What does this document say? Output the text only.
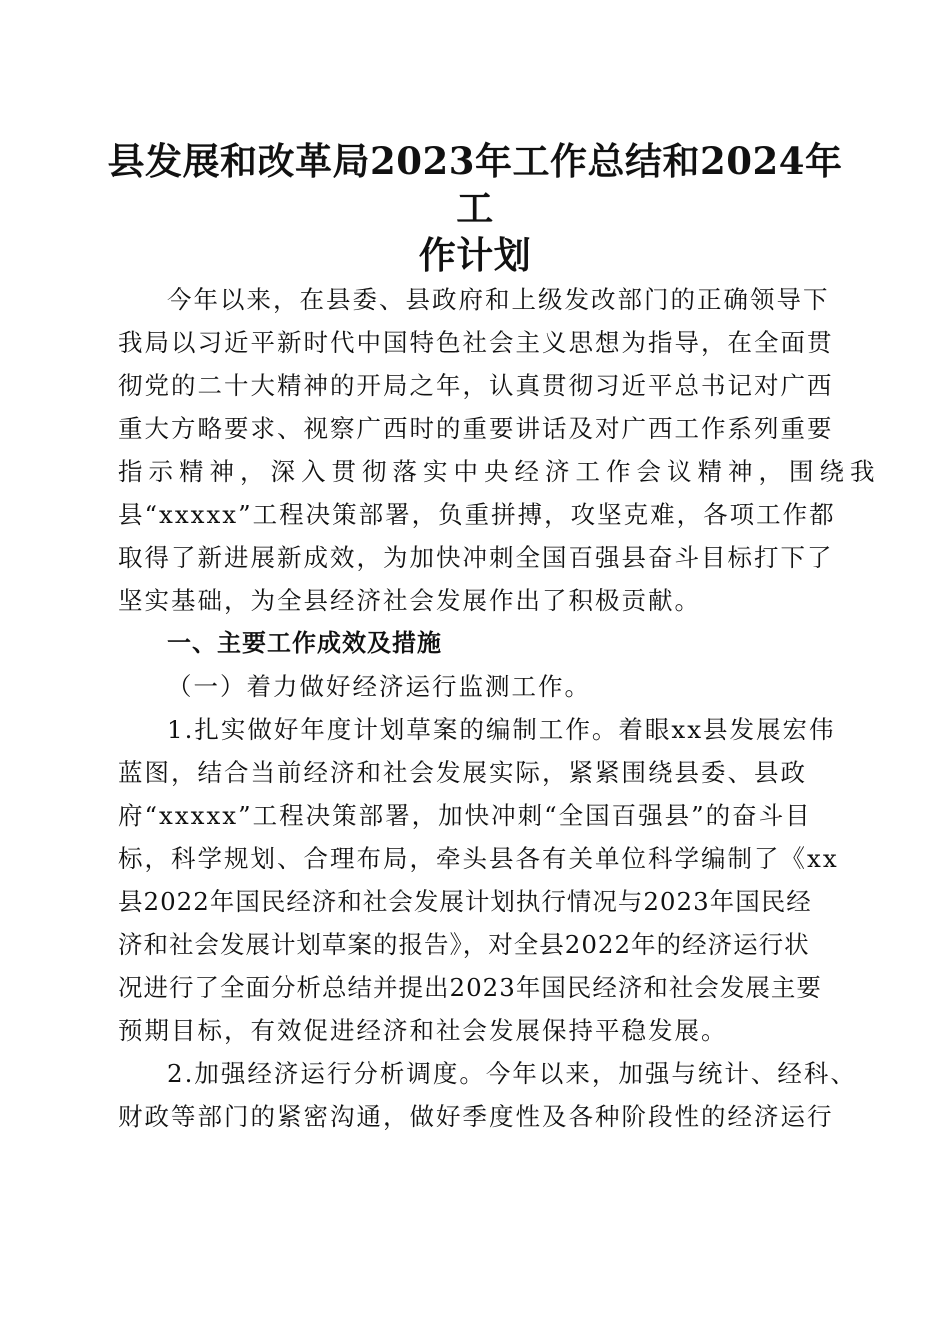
县发展和改革局2023年工作总结和2024年工
作计划

今年以来，在县委、县政府和上级发改部门的正确领导下
我局以习近平新时代中国特色社会主义思想为指导，在全面贯
彻党的二十大精神的开局之年，认真贯彻习近平总书记对广西
重大方略要求、视察广西时的重要讲话及对广西工作系列重要
指示精神，深入贯彻落实中央经济工作会议精神，围绕我
县“xxxxx”工程决策部署，负重拼搏，攻坚克难，各项工作都
取得了新进展新成效，为加快冲刺全国百强县奋斗目标打下了
坚实基础，为全县经济社会发展作出了积极贡献。

一、主要工作成效及措施

（一）着力做好经济运行监测工作。

1.扎实做好年度计划草案的编制工作。着眼xx县发展宏伟
蓝图，结合当前经济和社会发展实际，紧紧围绕县委、县政
府“xxxxx”工程决策部署，加快冲刺“全国百强县”的奋斗目
标，科学规划、合理布局，牵头县各有关单位科学编制了《xx
县2022年国民经济和社会发展计划执行情况与2023年国民经
济和社会发展计划草案的报告》，对全县2022年的经济运行状
况进行了全面分析总结并提出2023年国民经济和社会发展主要
预期目标，有效促进经济和社会发展保持平稳发展。

2.加强经济运行分析调度。今年以来，加强与统计、经科、
财政等部门的紧密沟通，做好季度性及各种阶段性的经济运行
